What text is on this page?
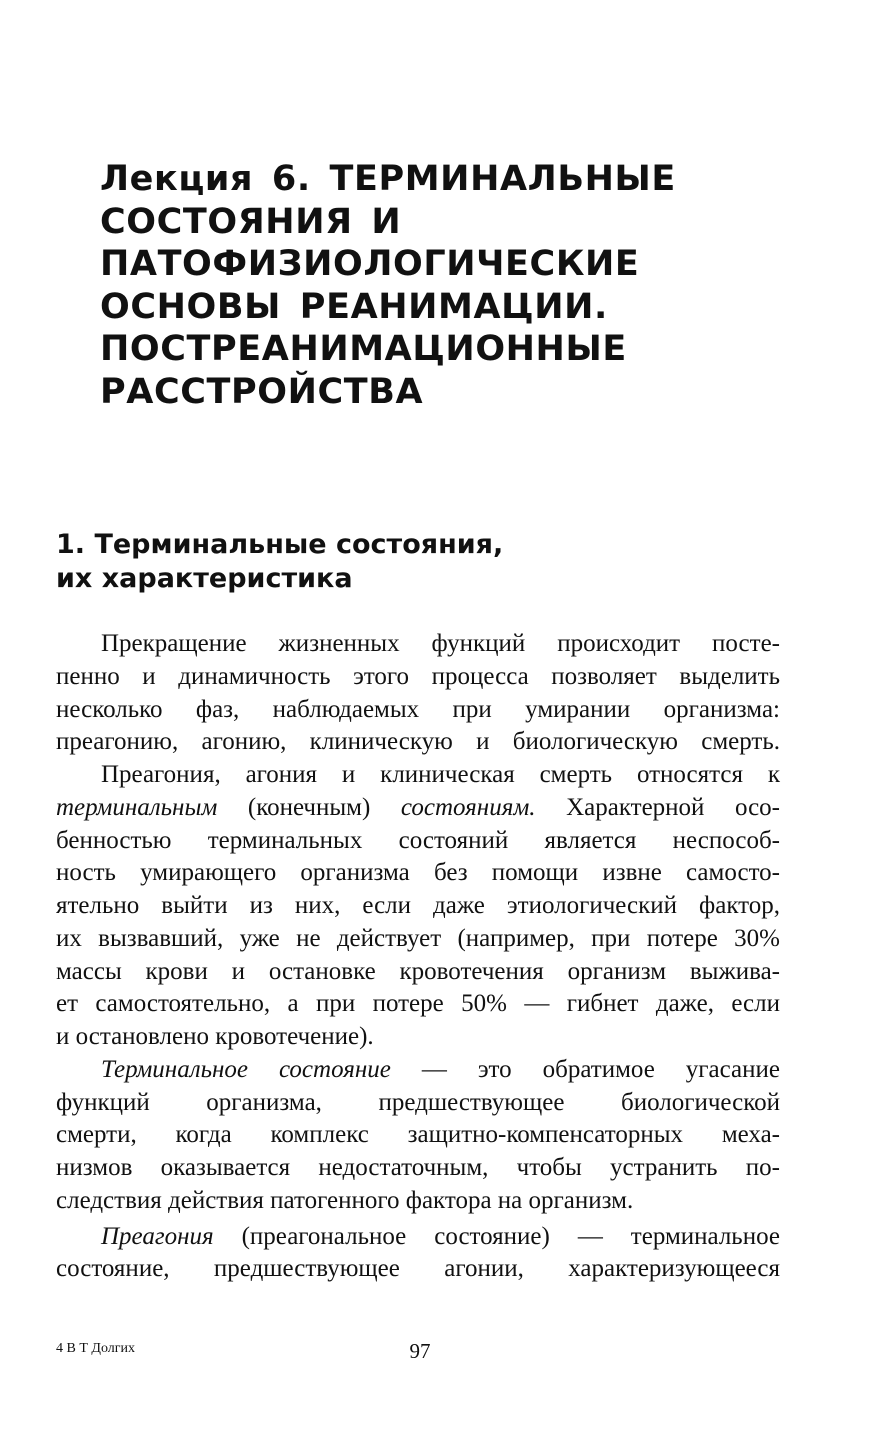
Лекция 6. ТЕРМИНАЛЬНЫЕ
СОСТОЯНИЯ И
ПАТОФИЗИОЛОГИЧЕСКИЕ
ОСНОВЫ РЕАНИМАЦИИ.
ПОСТРЕАНИМАЦИОННЫЕ
РАССТРОЙСТВА
1. Терминальные состояния,
их характеристика
Прекращение жизненных функций происходит посте-
пенно и динамичность этого процесса позволяет выделить
несколько фаз, наблюдаемых при умирании организма:
преагонию, агонию, клиническую и биологическую смерть.
Преагония, агония и клиническая смерть относятся к
терминальным (конечным) состояниям. Характерной осо-
бенностью терминальных состояний является неспособ-
ность умирающего организма без помощи извне самосто-
ятельно выйти из них, если даже этиологический фактор,
их вызвавший, уже не действует (например, при потере 30%
массы крови и остановке кровотечения организм выжива-
ет самостоятельно, а при потере 50% — гибнет даже, если
и остановлено кровотечение).
Терминальное состояние — это обратимое угасание
функций организма, предшествующее биологической
смерти, когда комплекс защитно-компенсаторных меха-
низмов оказывается недостаточным, чтобы устранить по-
следствия действия патогенного фактора на организм.
Преагония (преагональное состояние) — терминальное
состояние, предшествующее агонии, характеризующееся
4 В Т Долгих	97
